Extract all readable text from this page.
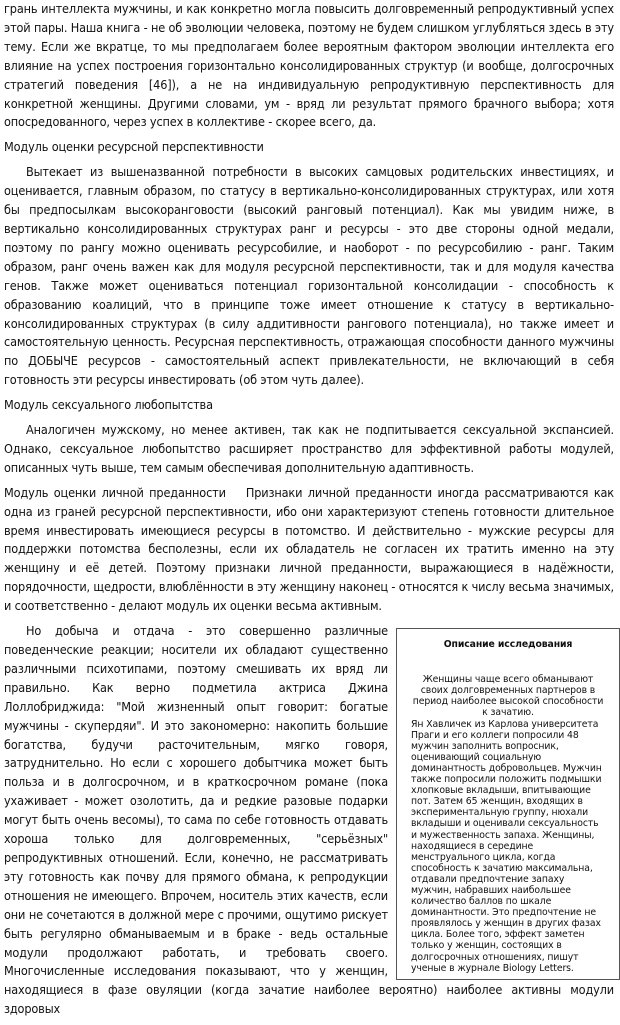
грань интеллекта мужчины, и как конкретно могла повысить долговременный репродуктивный успех этой пары. Наша книга - не об эволюции человека, поэтому не будем слишком углубляться здесь в эту тему. Если же вкратце, то мы предполагаем более вероятным фактором эволюции интеллекта его влияние на успех построения горизонтально консолидированных структур (и вообще, долгосрочных стратегий поведения [46]), а не на индивидуальную репродуктивную перспективность для конкретной женщины. Другими словами, ум - вряд ли результат прямого брачного выбора; хотя опосредованного, через успех в коллективе - скорее всего, да.

Модуль оценки ресурсной перспективности

Вытекает из вышеназванной потребности в высоких самцовых родительских инвестициях, и оценивается, главным образом, по статусу в вертикально-консолидированных структурах, или хотя бы предпосылкам высокоранговости (высокий ранговый потенциал). Как мы увидим ниже, в вертикально консолидированных структурах ранг и ресурсы - это две стороны одной медали, поэтому по рангу можно оценивать ресурсобилие, и наоборот - по ресурсобилию - ранг. Таким образом, ранг очень важен как для модуля ресурсной перспективности, так и для модуля качества генов. Также может оцениваться потенциал горизонтальной консолидации - способность к образованию коалиций, что в принципе тоже имеет отношение к статусу в вертикально-консолидированных структурах (в силу аддитивности рангового потенциала), но также имеет и самостоятельную ценность. Ресурсная перспективность, отражающая способности данного мужчины по ДОБЫЧЕ ресурсов - самостоятельный аспект привлекательности, не включающий в себя готовность эти ресурсы инвестировать (об этом чуть далее).

Модуль сексуального любопытства

Аналогичен мужскому, но менее активен, так как не подпитывается сексуальной экспансией. Однако, сексуальное любопытство расширяет пространство для эффективной работы модулей, описанных чуть выше, тем самым обеспечивая дополнительную адаптивность.

Модуль оценки личной преданности Признаки личной преданности иногда рассматриваются как одна из граней ресурсной перспективности, ибо они характеризуют степень готовности длительное время инвестировать имеющиеся ресурсы в потомство. И действительно - мужские ресурсы для поддержки потомства бесполезны, если их обладатель не согласен их тратить именно на эту женщину и её детей. Поэтому признаки личной преданности, выражающиеся в надёжности, порядочности, щедрости, влюблённости в эту женщину наконец - относятся к числу весьма значимых, и соответственно - делают модуль их оценки весьма активным.

Описание исследования

Женщины чаще всего обманывают своих долговременных партнеров в период наиболее высокой способности к зачатию.

Ян Хавличек из Карлова университета Праги и его коллеги попросили 48 мужчин заполнить вопросник, оценивающий социальную доминантность добровольцев. Мужчин также попросили положить подмышки хлопковые вкладыши, впитывающие пот. Затем 65 женщин, входящих в экспериментальную группу, нюхали вкладыши и оценивали сексуальность и мужественность запаха. Женщины, находящиеся в середине менструального цикла, когда способность к зачатию максимальна, отдавали предпочтение запаху мужчин, набравших наибольшее количество баллов по шкале доминантности. Это предпочтение не проявлялось у женщин в других фазах цикла. Более того, эффект заметен только у женщин, состоящих в долгосрочных отношениях, пишут ученые в журнале Biology Letters.

Но добыча и отдача - это совершенно различные поведенческие реакции; носители их обладают существенно различными психотипами, поэтому смешивать их вряд ли правильно. Как верно подметила актриса Джина Лоллобриджида: "Мой жизненный опыт говорит: богатые мужчины - скупердяи". И это закономерно: накопить большие богатства, будучи расточительным, мягко говоря, затруднительно. Но если с хорошего добытчика может быть польза и в долгосрочном, и в краткосрочном романе (пока ухаживает - может озолотить, да и редкие разовые подарки могут быть очень весомы), то сама по себе готовность отдавать хороша только для долговременных, "серьёзных" репродуктивных отношений. Если, конечно, не рассматривать эту готовность как почву для прямого обмана, к репродукции отношения не имеющего. Впрочем, носитель этих качеств, если они не сочетаются в должной мере с прочими, ощутимо рискует быть регулярно обманываемым и в браке - ведь остальные модули продолжают работать, и требовать своего. Многочисленные исследования показывают, что у женщин, находящиеся в фазе овуляции (когда зачатие наиболее вероятно) наиболее активны модули здоровых
